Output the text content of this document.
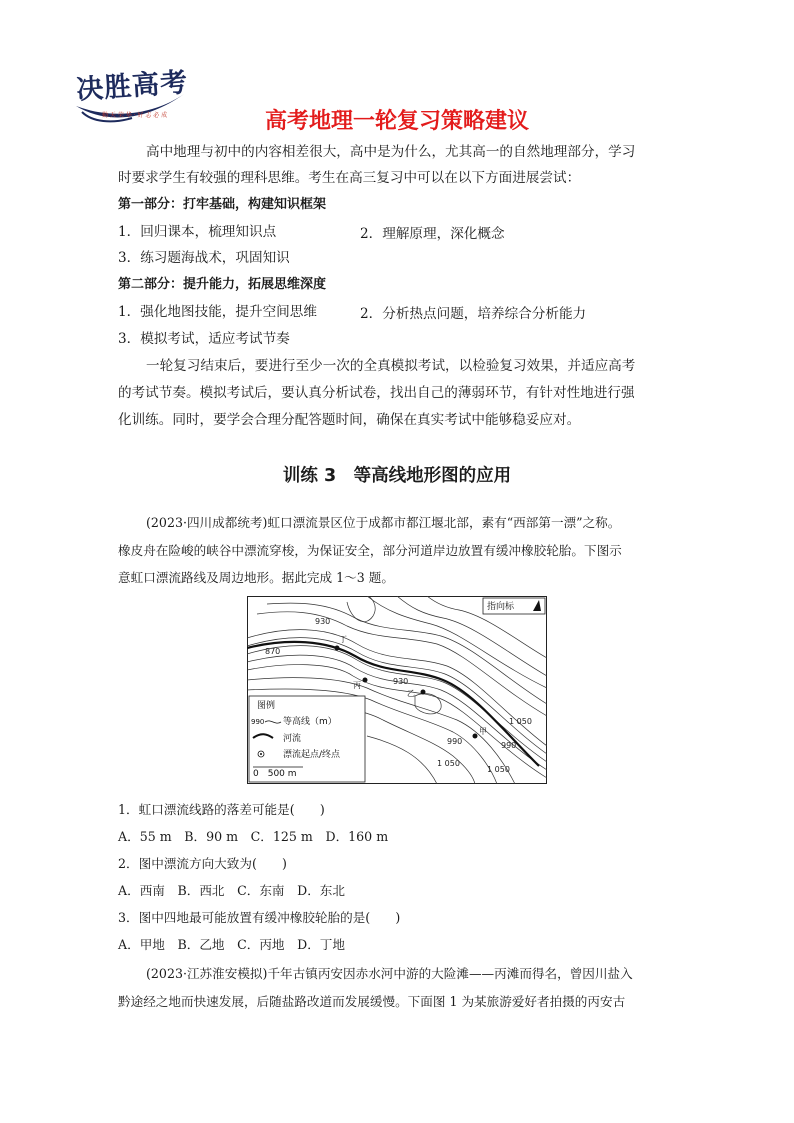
决胜高考
勤 天 荣 华 · 好 志 必 成	高考地理一轮复习策略建议
高中地理与初中的内容相差很大，高中是为什么，尤其高一的自然地理部分，学习
时要求学生有较强的理科思维。考生在高三复习中可以在以下方面进展尝试：
第一部分：打牢基础，构建知识框架
1．回归课本，梳理知识点	2．理解原理，深化概念
3．练习题海战术，巩固知识
第二部分：提升能力，拓展思维深度
1．强化地图技能，提升空间思维	2．分析热点问题，培养综合分析能力
3．模拟考试，适应考试节奏
一轮复习结束后，要进行至少一次的全真模拟考试，以检验复习效果，并适应高考
的考试节奏。模拟考试后，要认真分析试卷，找出自己的薄弱环节，有针对性地进行强
化训练。同时，要学会合理分配答题时间，确保在真实考试中能够稳妥应对。
训练 3　等高线地形图的应用
(2023·四川成都统考)虹口漂流景区位于成都市都江堰北部，素有“西部第一漂”之称。
橡皮舟在险峻的峡谷中漂流穿梭，为保证安全，部分河道岸边放置有缓冲橡胶轮胎。下图示
意虹口漂流路线及周边地形。据此完成 1～3 题。
930
870
930
1 050
990	990
1 050
1 050
丁
丙
乙
甲
指向标
图例
990 等高线（m）
河流
漂流起点/终点
0　500 m
1．虹口漂流线路的落差可能是(　　)
A．55 m　B．90 m　C．125 m　D．160 m
2．图中漂流方向大致为(　　)
A．西南　B．西北　C．东南　D．东北
3．图中四地最可能放置有缓冲橡胶轮胎的是(　　)
A．甲地　B．乙地　C．丙地　D．丁地
(2023·江苏淮安模拟)千年古镇丙安因赤水河中游的大险滩——丙滩而得名，曾因川盐入
黔途经之地而快速发展，后随盐路改道而发展缓慢。下面图 1 为某旅游爱好者拍摄的丙安古
